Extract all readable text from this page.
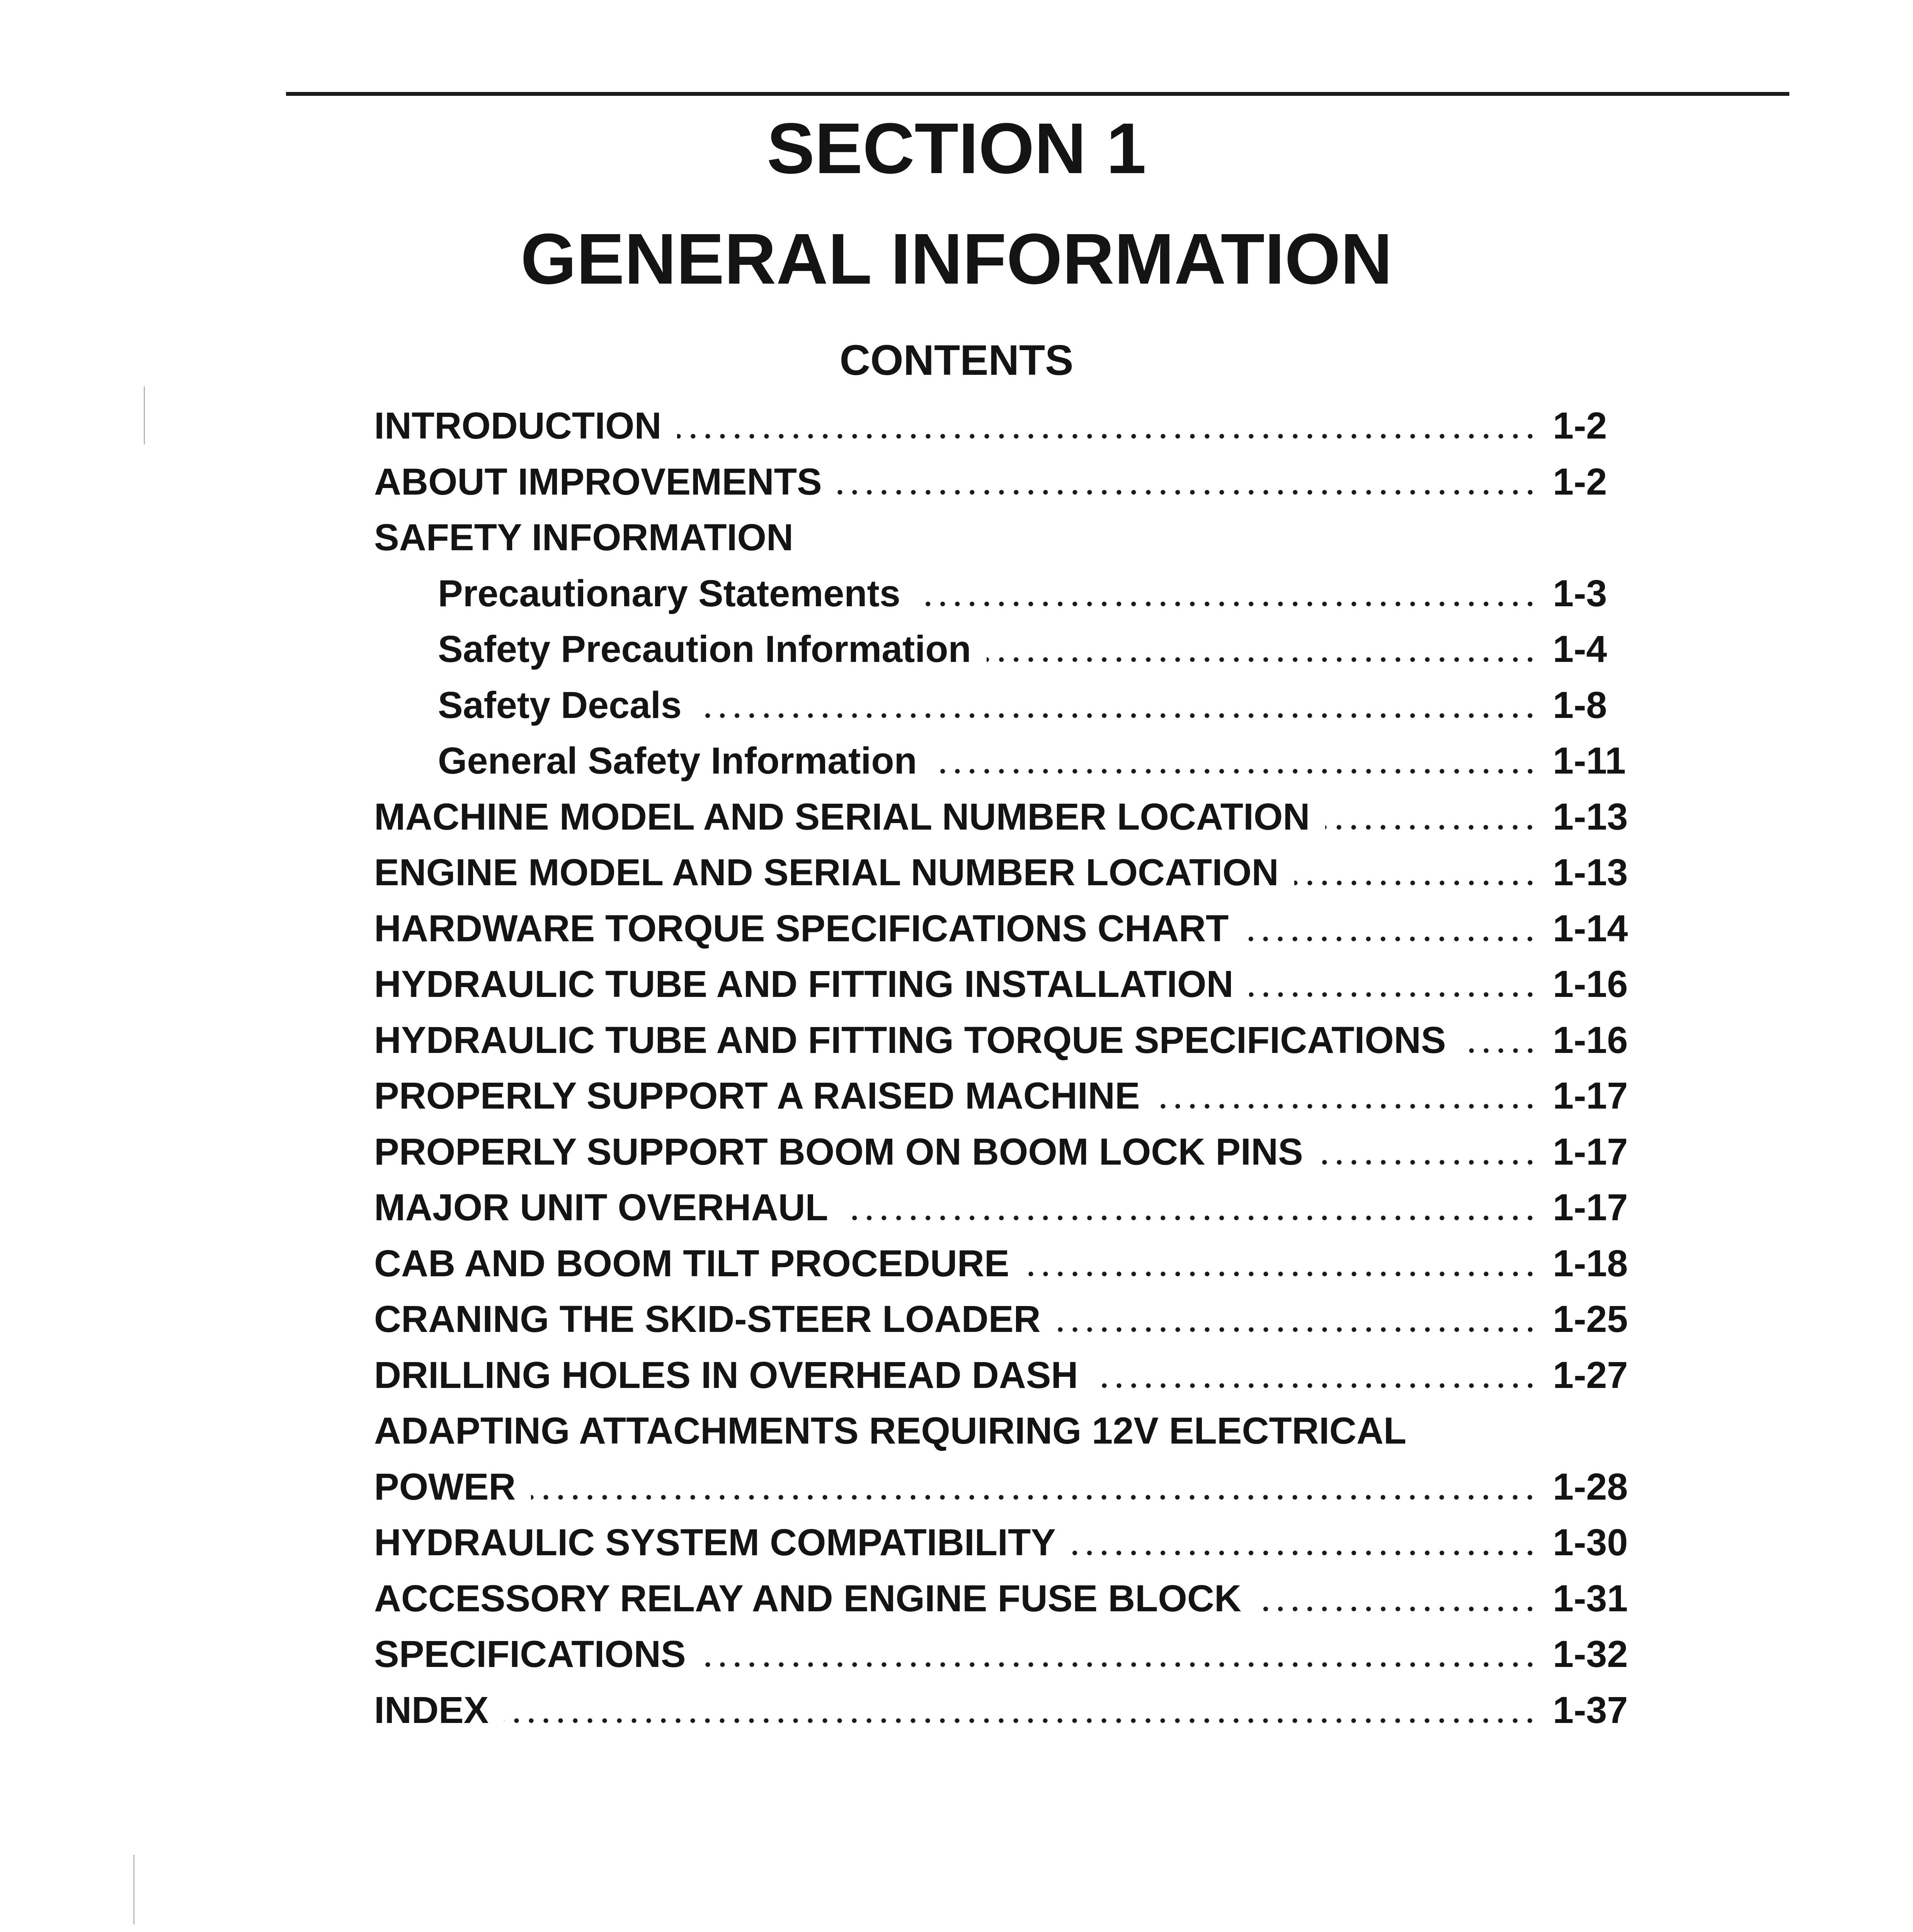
SECTION 1
GENERAL INFORMATION
CONTENTS
INTRODUCTION	1-2
ABOUT IMPROVEMENTS	1-2
SAFETY INFORMATION
Precautionary Statements	1-3
Safety Precaution Information	1-4
Safety Decals	1-8
General Safety Information	1-11
MACHINE MODEL AND SERIAL NUMBER LOCATION	1-13
ENGINE MODEL AND SERIAL NUMBER LOCATION	1-13
HARDWARE TORQUE SPECIFICATIONS CHART	1-14
HYDRAULIC TUBE AND FITTING INSTALLATION	1-16
HYDRAULIC TUBE AND FITTING TORQUE SPECIFICATIONS	1-16
PROPERLY SUPPORT A RAISED MACHINE	1-17
PROPERLY SUPPORT BOOM ON BOOM LOCK PINS	1-17
MAJOR UNIT OVERHAUL	1-17
CAB AND BOOM TILT PROCEDURE	1-18
CRANING THE SKID-STEER LOADER	1-25
DRILLING HOLES IN OVERHEAD DASH	1-27
ADAPTING ATTACHMENTS REQUIRING 12V ELECTRICAL
POWER	1-28
HYDRAULIC SYSTEM COMPATIBILITY	1-30
ACCESSORY RELAY AND ENGINE FUSE BLOCK	1-31
SPECIFICATIONS	1-32
INDEX	1-37
